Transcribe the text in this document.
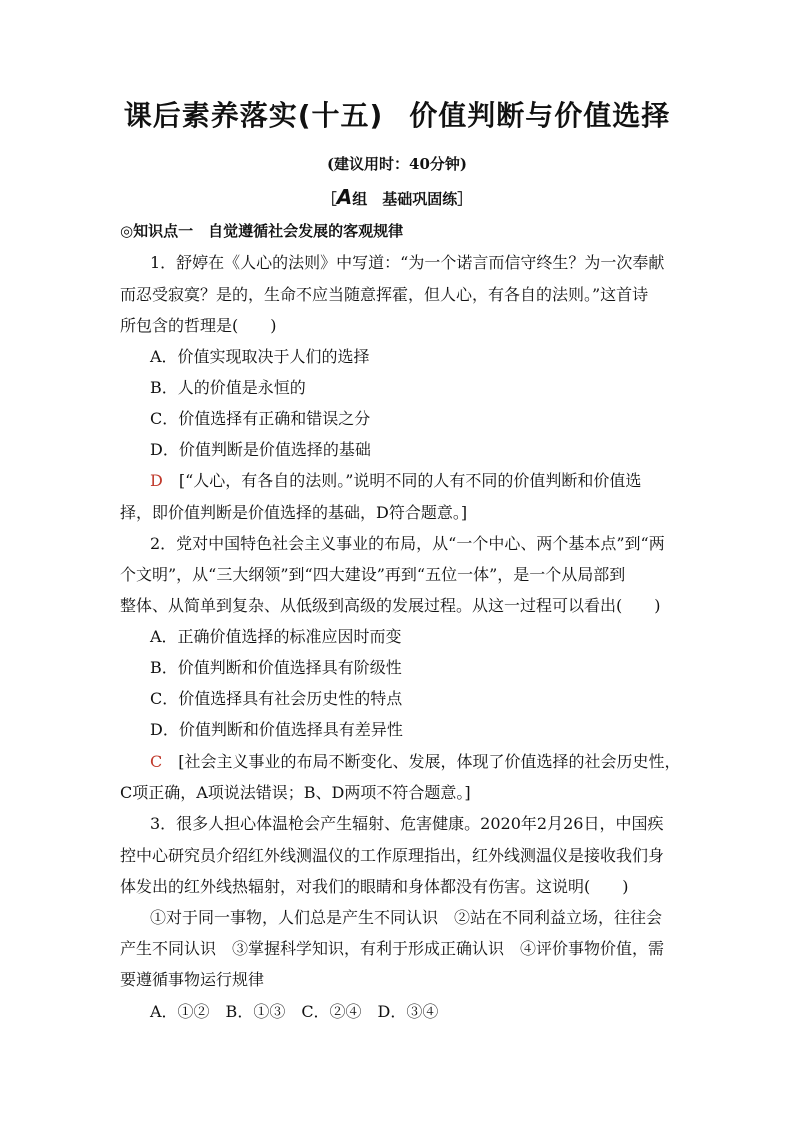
课后素养落实(十五) 价值判断与价值选择
(建议用时：40分钟)
［A组　基础巩固练］
◎知识点一　自觉遵循社会发展的客观规律
1．舒婷在《人心的法则》中写道：“为一个诺言而信守终生？为一次奉献
而忍受寂寞？是的，生命不应当随意挥霍，但人心，有各自的法则。”这首诗
所包含的哲理是(　　)
A．价值实现取决于人们的选择
B．人的价值是永恒的
C．价值选择有正确和错误之分
D．价值判断是价值选择的基础
D [“人心，有各自的法则。”说明不同的人有不同的价值判断和价值选
择，即价值判断是价值选择的基础，D符合题意。]
2．党对中国特色社会主义事业的布局，从“一个中心、两个基本点”到“两
个文明”，从“三大纲领”到“四大建设”再到“五位一体”，是一个从局部到
整体、从简单到复杂、从低级到高级的发展过程。从这一过程可以看出(　　)
A．正确价值选择的标准应因时而变
B．价值判断和价值选择具有阶级性
C．价值选择具有社会历史性的特点
D．价值判断和价值选择具有差异性
C [社会主义事业的布局不断变化、发展，体现了价值选择的社会历史性，
C项正确，A项说法错误；B、D两项不符合题意。]
3．很多人担心体温枪会产生辐射、危害健康。2020年2月26日，中国疾
控中心研究员介绍红外线测温仪的工作原理指出，红外线测温仪是接收我们身
体发出的红外线热辐射，对我们的眼睛和身体都没有伤害。这说明(　　)
①对于同一事物，人们总是产生不同认识　②站在不同利益立场，往往会
产生不同认识　③掌握科学知识，有利于形成正确认识　④评价事物价值，需
要遵循事物运行规律
A．①②　B．①③　C．②④　D．③④
